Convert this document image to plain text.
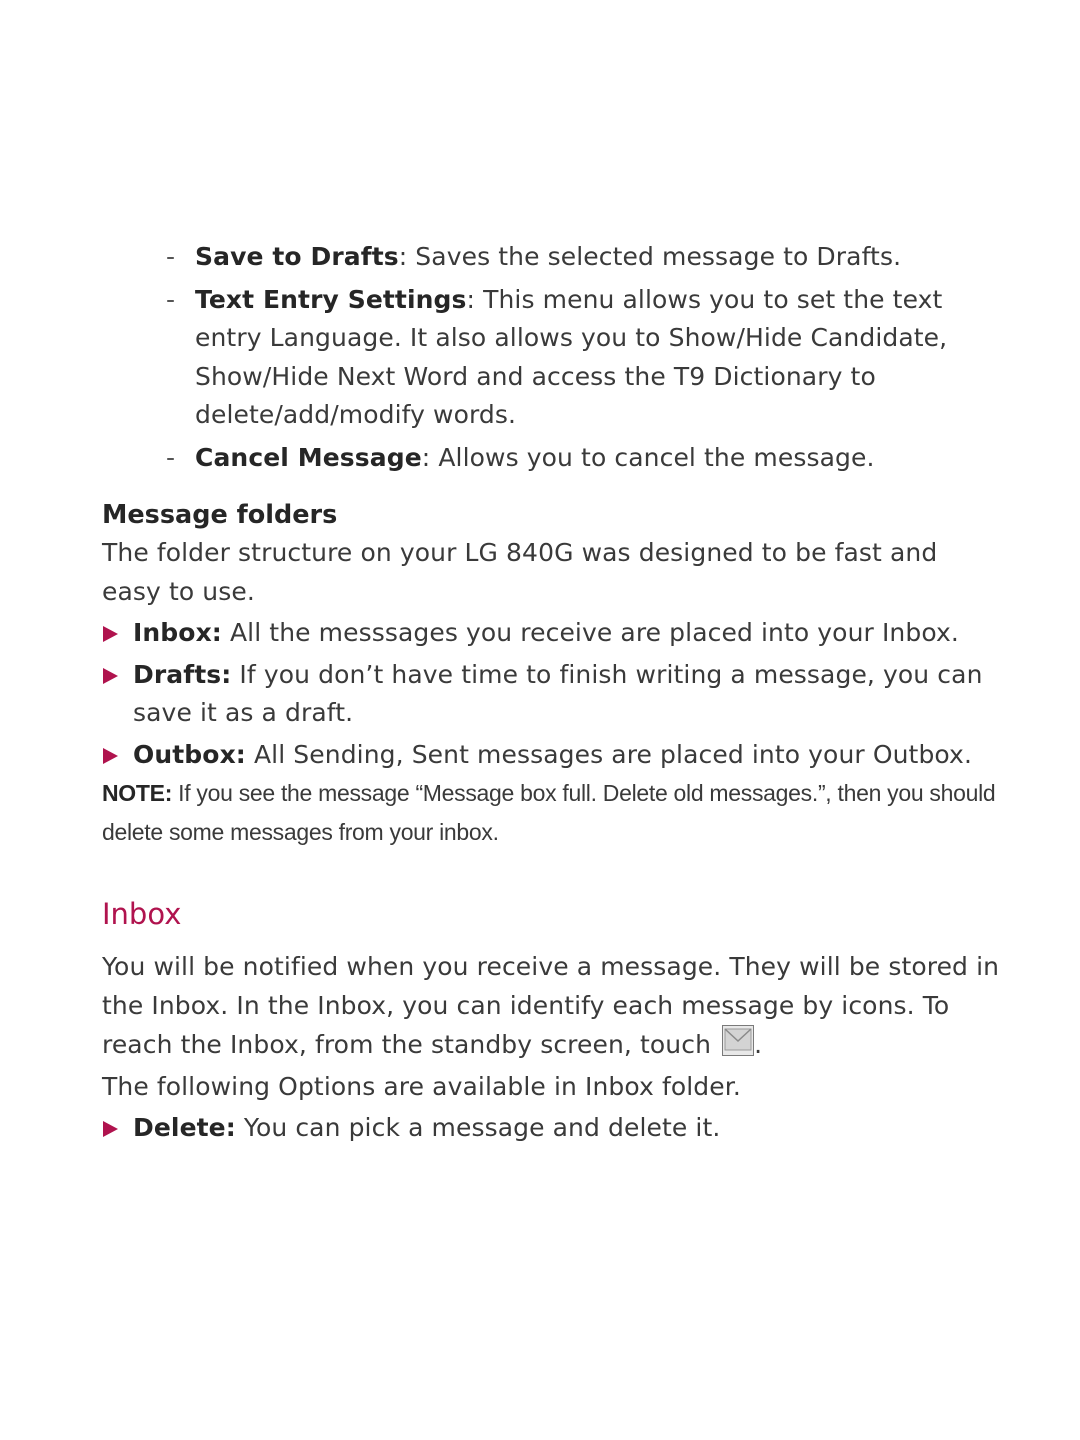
- Save to Drafts: Saves the selected message to Drafts.
- Text Entry Settings: This menu allows you to set the text entry Language. It also allows you to Show/Hide Candidate, Show/Hide Next Word and access the T9 Dictionary to delete/add/modify words.
- Cancel Message: Allows you to cancel the message.
Message folders

The folder structure on your LG 840G was designed to be fast and easy to use.

Inbox: All the messsages you receive are placed into your Inbox.
Drafts: If you don’t have time to finish writing a message, you can save it as a draft.
Outbox: All Sending, Sent messages are placed into your Outbox.

NOTE: If you see the message “Message box full. Delete old messages.”, then you should delete some messages from your inbox.

Inbox

You will be notified when you receive a message. They will be stored in the Inbox. In the Inbox, you can identify each message by icons. To reach the Inbox, from the standby screen, touch .

The following Options are available in Inbox folder.

Delete: You can pick a message and delete it.
